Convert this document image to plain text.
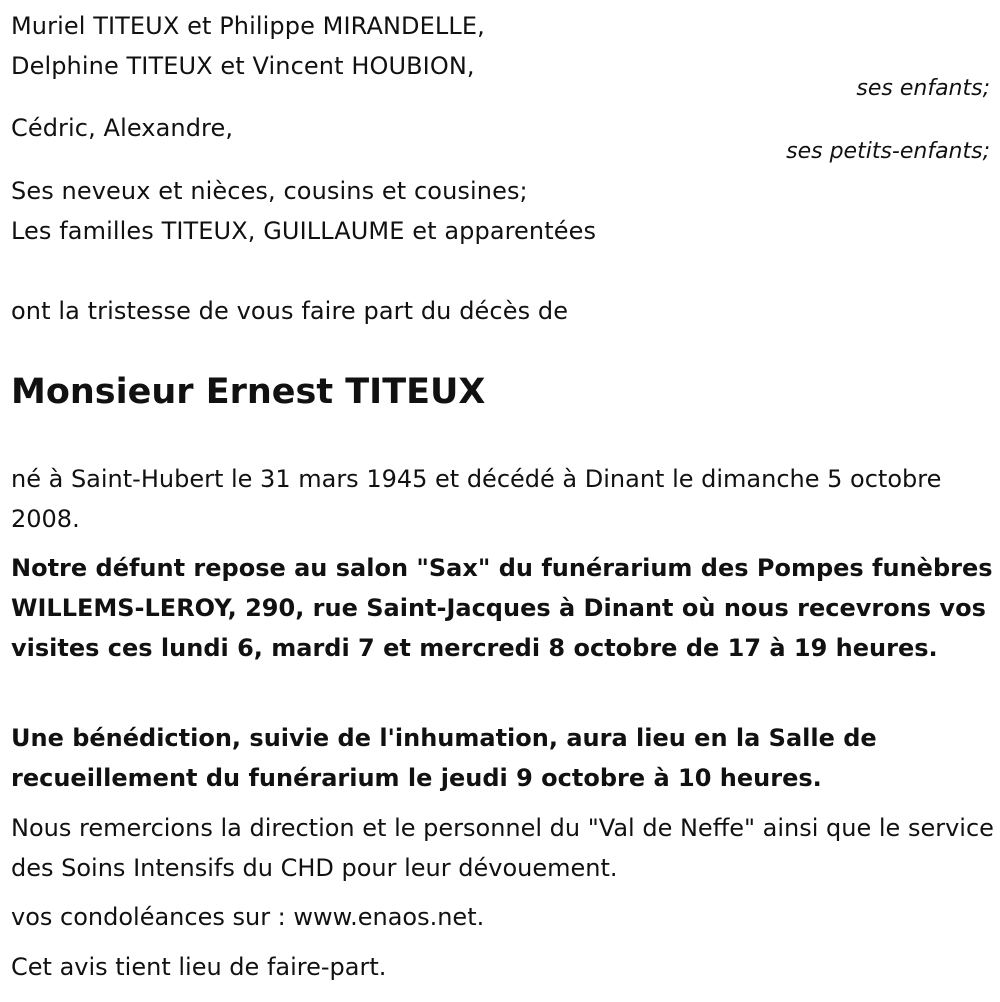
Muriel TITEUX et Philippe MIRANDELLE,
Delphine TITEUX et Vincent HOUBION,
ses enfants;
Cédric, Alexandre,
ses petits-enfants;
Ses neveux et nièces, cousins et cousines;
Les familles TITEUX, GUILLAUME et apparentées
ont la tristesse de vous faire part du décès de
Monsieur Ernest TITEUX

né à Saint-Hubert le 31 mars 1945 et décédé à Dinant le dimanche 5 octobre 2008.

Notre défunt repose au salon "Sax" du funérarium des Pompes funèbres WILLEMS-LEROY, 290, rue Saint-Jacques à Dinant où nous recevrons vos visites ces lundi 6, mardi 7 et mercredi 8 octobre de 17 à 19 heures.

Une bénédiction, suivie de l'inhumation, aura lieu en la Salle de recueillement du funérarium le jeudi 9 octobre à 10 heures.

Nous remercions la direction et le personnel du "Val de Neffe" ainsi que le service des Soins Intensifs du CHD pour leur dévouement.

vos condoléances sur : www.enaos.net.

Cet avis tient lieu de faire-part.
